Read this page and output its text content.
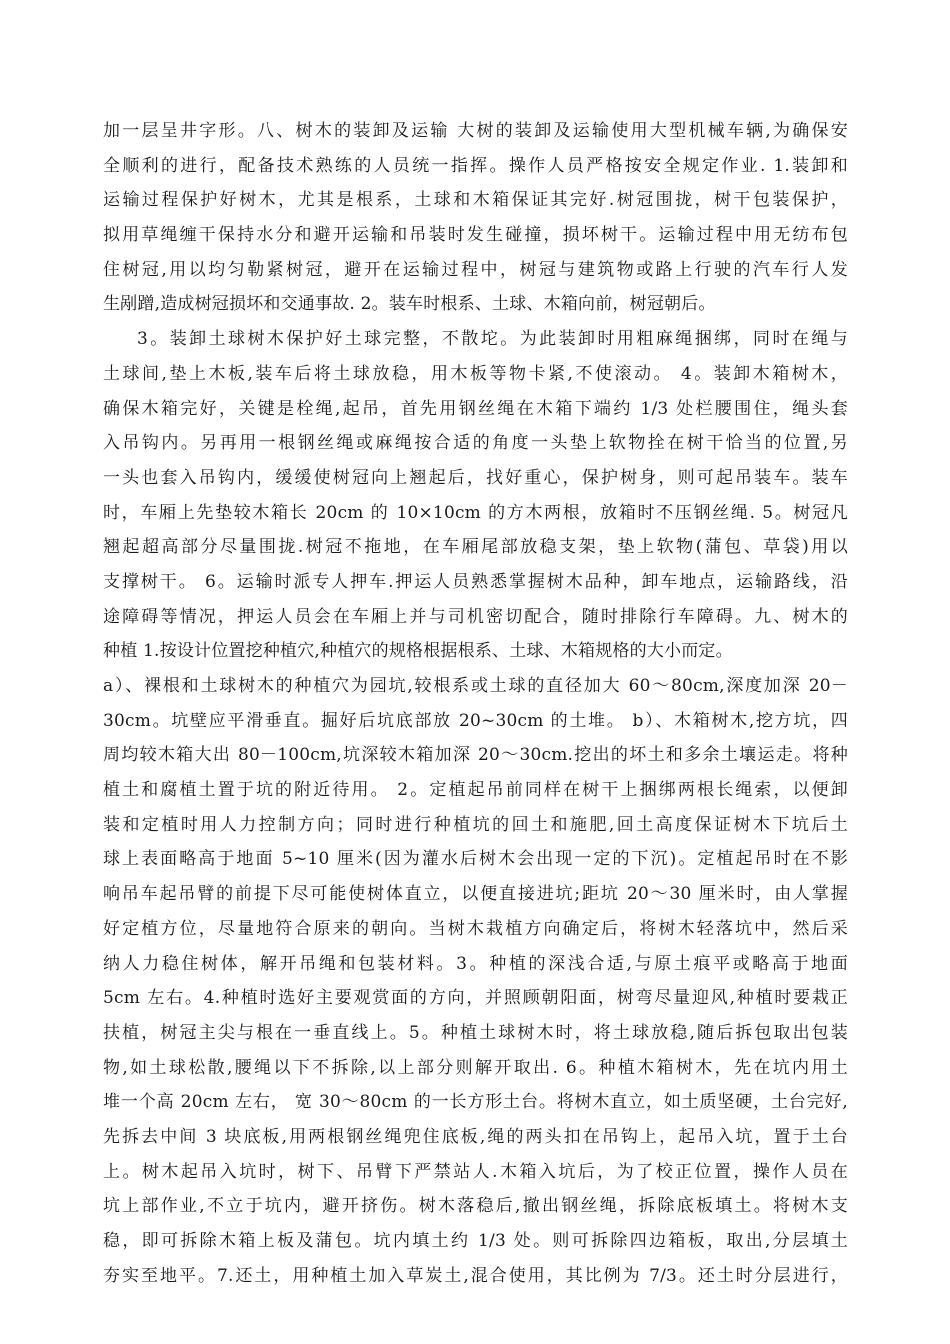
加一层呈井字形。八、树木的装卸及运输 大树的装卸及运输使用大型机械车辆,为确保安
全顺利的进行，配备技术熟练的人员统一指挥。操作人员严格按安全规定作业. 1.装卸和
运输过程保护好树木，尤其是根系，土球和木箱保证其完好.树冠围拢，树干包装保护，
拟用草绳缠干保持水分和避开运输和吊装时发生碰撞，损坏树干。运输过程中用无纺布包
住树冠,用以均匀勒紧树冠，避开在运输过程中，树冠与建筑物或路上行驶的汽车行人发
生剐蹭,造成树冠损坏和交通事故. 2。装车时根系、土球、木箱向前，树冠朝后。
3。装卸土球树木保护好土球完整，不散坨。为此装卸时用粗麻绳捆绑，同时在绳与
土球间,垫上木板,装车后将土球放稳，用木板等物卡紧,不使滚动。 4。装卸木箱树木，
确保木箱完好，关键是栓绳,起吊，首先用钢丝绳在木箱下端约 1/3 处栏腰围住，绳头套
入吊钩内。另再用一根钢丝绳或麻绳按合适的角度一头垫上软物拴在树干恰当的位置,另
一头也套入吊钩内，缓缓使树冠向上翘起后，找好重心，保护树身，则可起吊装车。装车
时，车厢上先垫较木箱长 20cm 的 10×10cm 的方木两根，放箱时不压钢丝绳. 5。树冠凡
翘起超高部分尽量围拢.树冠不拖地，在车厢尾部放稳支架，垫上软物(蒲包、草袋)用以
支撑树干。 6。运输时派专人押车.押运人员熟悉掌握树木品种，卸车地点，运输路线，沿
途障碍等情况，押运人员会在车厢上并与司机密切配合，随时排除行车障碍。九、树木的
种植 1.按设计位置挖种植穴,种植穴的规格根据根系、土球、木箱规格的大小而定。
a）、裸根和土球树木的种植穴为园坑,较根系或土球的直径加大 60～80cm,深度加深 20－
30cm。坑壁应平滑垂直。掘好后坑底部放 20~30cm 的土堆。 b）、木箱树木,挖方坑，四
周均较木箱大出 80－100cm,坑深较木箱加深 20～30cm.挖出的坏土和多余土壤运走。将种
植土和腐植土置于坑的附近待用。 2。定植起吊前同样在树干上捆绑两根长绳索，以便卸
装和定植时用人力控制方向；同时进行种植坑的回土和施肥,回土高度保证树木下坑后土
球上表面略高于地面 5~10 厘米(因为灌水后树木会出现一定的下沉)。定植起吊时在不影
响吊车起吊臂的前提下尽可能使树体直立，以便直接进坑;距坑 20～30 厘米时，由人掌握
好定植方位，尽量地符合原来的朝向。当树木栽植方向确定后，将树木轻落坑中，然后采
纳人力稳住树体，解开吊绳和包装材料。3。种植的深浅合适,与原土痕平或略高于地面
5cm 左右。4.种植时选好主要观赏面的方向，并照顾朝阳面，树弯尽量迎风,种植时要栽正
扶植，树冠主尖与根在一垂直线上。5。种植土球树木时，将土球放稳,随后拆包取出包装
物,如土球松散,腰绳以下不拆除,以上部分则解开取出. 6。种植木箱树木，先在坑内用土
堆一个高 20cm 左右， 宽 30～80cm 的一长方形土台。将树木直立，如土质坚硬，土台完好,
先拆去中间 3 块底板,用两根钢丝绳兜住底板,绳的两头扣在吊钩上，起吊入坑，置于土台
上。树木起吊入坑时，树下、吊臂下严禁站人.木箱入坑后，为了校正位置，操作人员在
坑上部作业,不立于坑内，避开挤伤。树木落稳后,撤出钢丝绳，拆除底板填土。将树木支
稳，即可拆除木箱上板及蒲包。坑内填土约 1/3 处。则可拆除四边箱板，取出,分层填土
夯实至地平。7.还土，用种植土加入草炭土,混合使用，其比例为 7/3。还土时分层进行，
